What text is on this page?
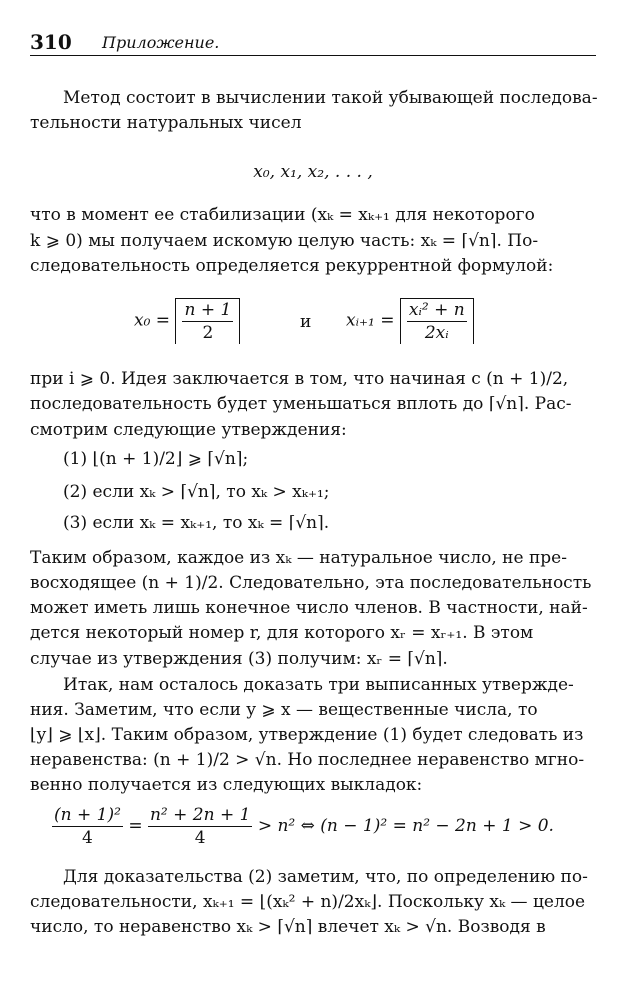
310 Приложение.
Метод состоит в вычислении такой убывающей последова-
тельности натуральных чисел
x₀, x₁, x₂, . . . ,
что в момент ее стабилизации (xₖ = xₖ₊₁ для некоторого
k ⩾ 0) мы получаем искомую целую часть: xₖ = ⌈√n⌉. По-
следовательность определяется рекуррентной формулой:
$x_0 = \frac{n + 1}{2}$	и xᵢ₊₁ = $\frac{\text{xᵢ² + n}}{\text{2xᵢ}}$
при i ⩾ 0. Идея заключается в том, что начиная с (n + 1)/2,
последовательность будет уменьшаться вплоть до ⌈√n⌉. Рас-
смотрим следующие утверждения:
(1) ⌊(n + 1)/2⌋ ⩾ ⌈√n⌉;
(2) если xₖ > ⌈√n⌉, то xₖ > xₖ₊₁;
(3) если xₖ = xₖ₊₁, то xₖ = ⌈√n⌉.
Таким образом, каждое из xₖ — натуральное число, не пре-
восходящее (n + 1)/2. Следовательно, эта последовательность
может иметь лишь конечное число членов. В частности, най-
дется некоторый номер r, для которого xᵣ = xᵣ₊₁. В этом
случае из утверждения (3) получим: xᵣ = ⌈√n⌉.
Итак, нам осталось доказать три выписанных утвержде-
ния. Заметим, что если y ⩾ x — вещественные числа, то
⌊y⌋ ⩾ ⌊x⌋. Таким образом, утверждение (1) будет следовать из
неравенства: (n + 1)/2 > √n. Но последнее неравенство мгно-
венно получается из следующих выкладок:
$\frac{\text{(n + 1)²}}{4} = \frac{\text{n² + 2n + 1}}{4} > n^2$ ⇔ (n − 1)² = n² − 2n + 1 > 0.
Для доказательства (2) заметим, что, по определению по-
следовательности, xₖ₊₁ = ⌊(xₖ² + n)/2xₖ⌋. Поскольку xₖ — целое
число, то неравенство xₖ > ⌈√n⌉ влечет xₖ > √n. Возводя в
